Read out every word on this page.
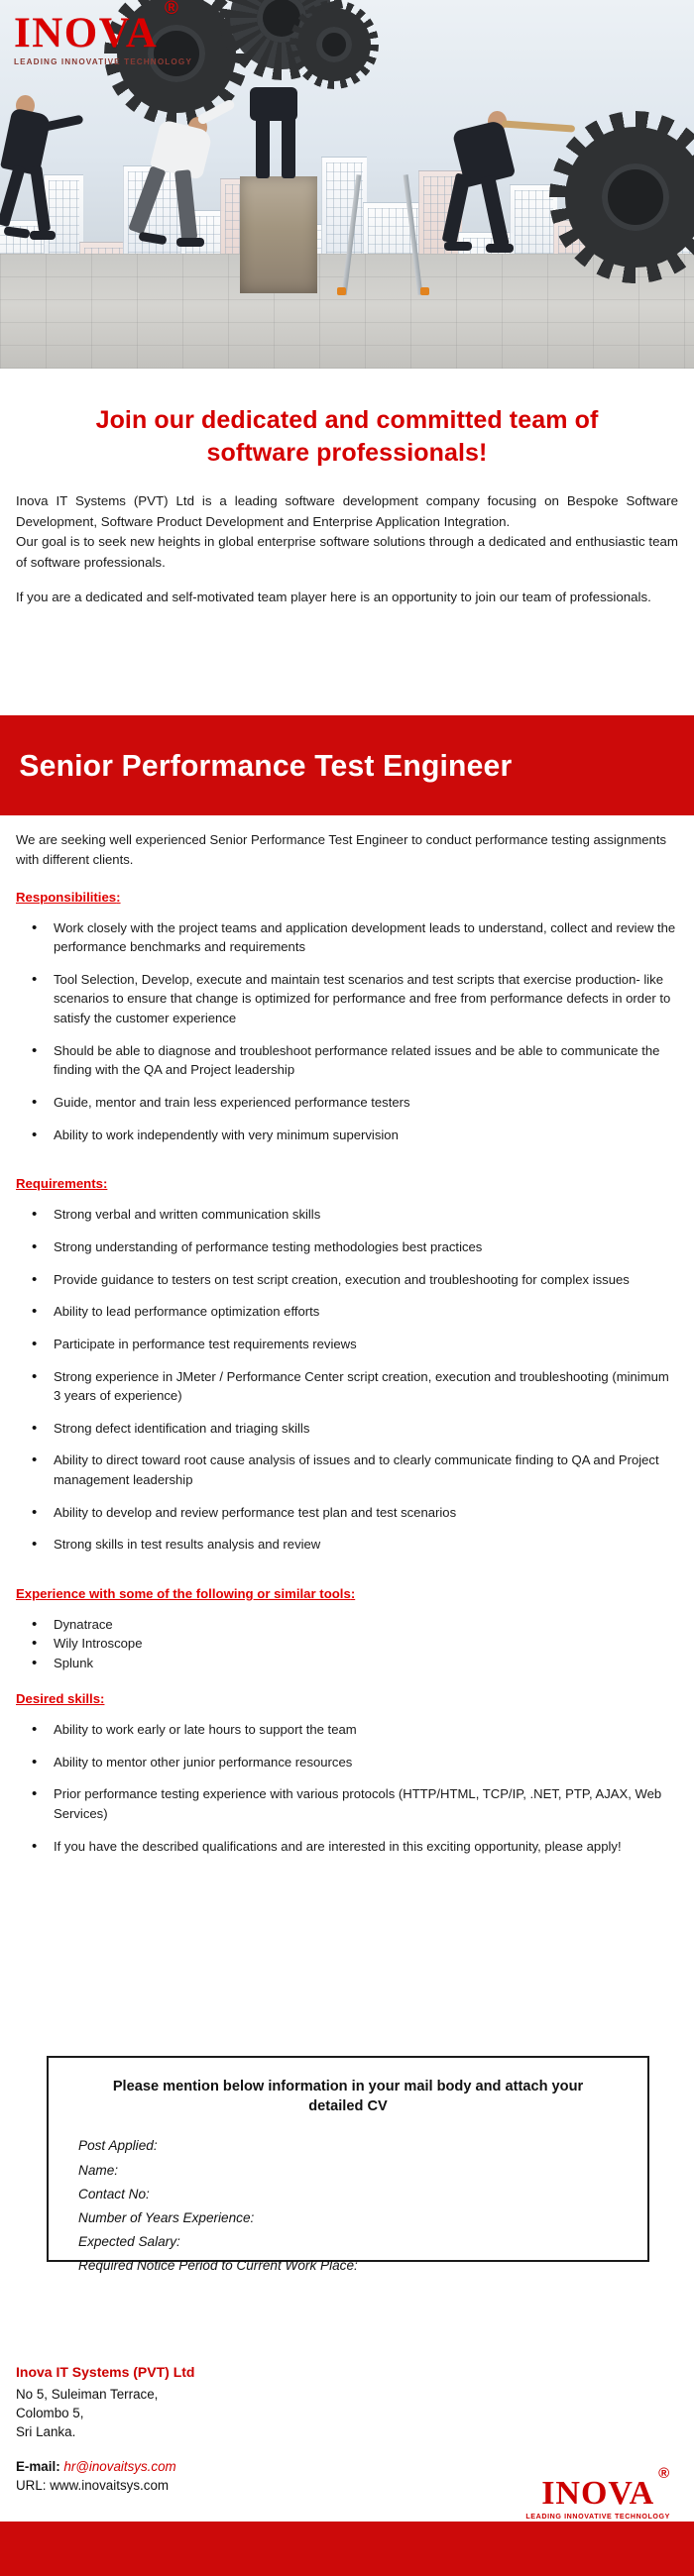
INOVA
®
LEADING INNOVATIVE TECHNOLOGY
Join our dedicated and committed team of software professionals!

Inova IT Systems (PVT) Ltd is a leading software development company focusing on Bespoke Software Development, Software Product Development and Enterprise Application Integration.

Our goal is to seek new heights in global enterprise software solutions through a dedicated and enthusiastic team of software professionals.

If you are a dedicated and self-motivated team player here is an opportunity to join our team of professionals.

Senior Performance Test Engineer

We are seeking well experienced Senior Performance Test Engineer to conduct performance testing assignments with different clients.

Responsibilities:
• Work closely with the project teams and application development leads to understand, collect and review the performance benchmarks and requirements
• Tool Selection, Develop, execute and maintain test scenarios and test scripts that exercise production- like scenarios to ensure that change is optimized for performance and free from performance defects in order to satisfy the customer experience
• Should be able to diagnose and troubleshoot performance related issues and be able to communicate the finding with the QA and Project leadership
• Guide, mentor and train less experienced performance testers
• Ability to work independently with very minimum supervision
Requirements:
• Strong verbal and written communication skills
• Strong understanding of performance testing methodologies best practices
• Provide guidance to testers on test script creation, execution and troubleshooting for complex issues
• Ability to lead performance optimization efforts
• Participate in performance test requirements reviews
• Strong experience in JMeter / Performance Center script creation, execution and troubleshooting (minimum 3 years of experience)
• Strong defect identification and triaging skills
• Ability to direct toward root cause analysis of issues and to clearly communicate finding to QA and Project management leadership
• Ability to develop and review performance test plan and test scenarios
• Strong skills in test results analysis and review
Experience with some of the following or similar tools:
• Dynatrace
• Wily Introscope
• Splunk
Desired skills:
• Ability to work early or late hours to support the team
• Ability to mentor other junior performance resources
• Prior performance testing experience with various protocols (HTTP/HTML, TCP/IP, .NET, PTP, AJAX, Web Services)
• If you have the described qualifications and are interested in this exciting opportunity, please apply!
Please mention below information in your mail body and attach your detailed CV
Post Applied:
Name:
Contact No:
Number of Years Experience:
Expected Salary:
Required Notice Period to Current Work Place:
Inova IT Systems (PVT) Ltd
No 5, Suleiman Terrace,
Colombo 5,
Sri Lanka.
E-mail: hr@inovaitsys.com
URL: www.inovaitsys.com	INOVA
®
LEADING INNOVATIVE TECHNOLOGY
